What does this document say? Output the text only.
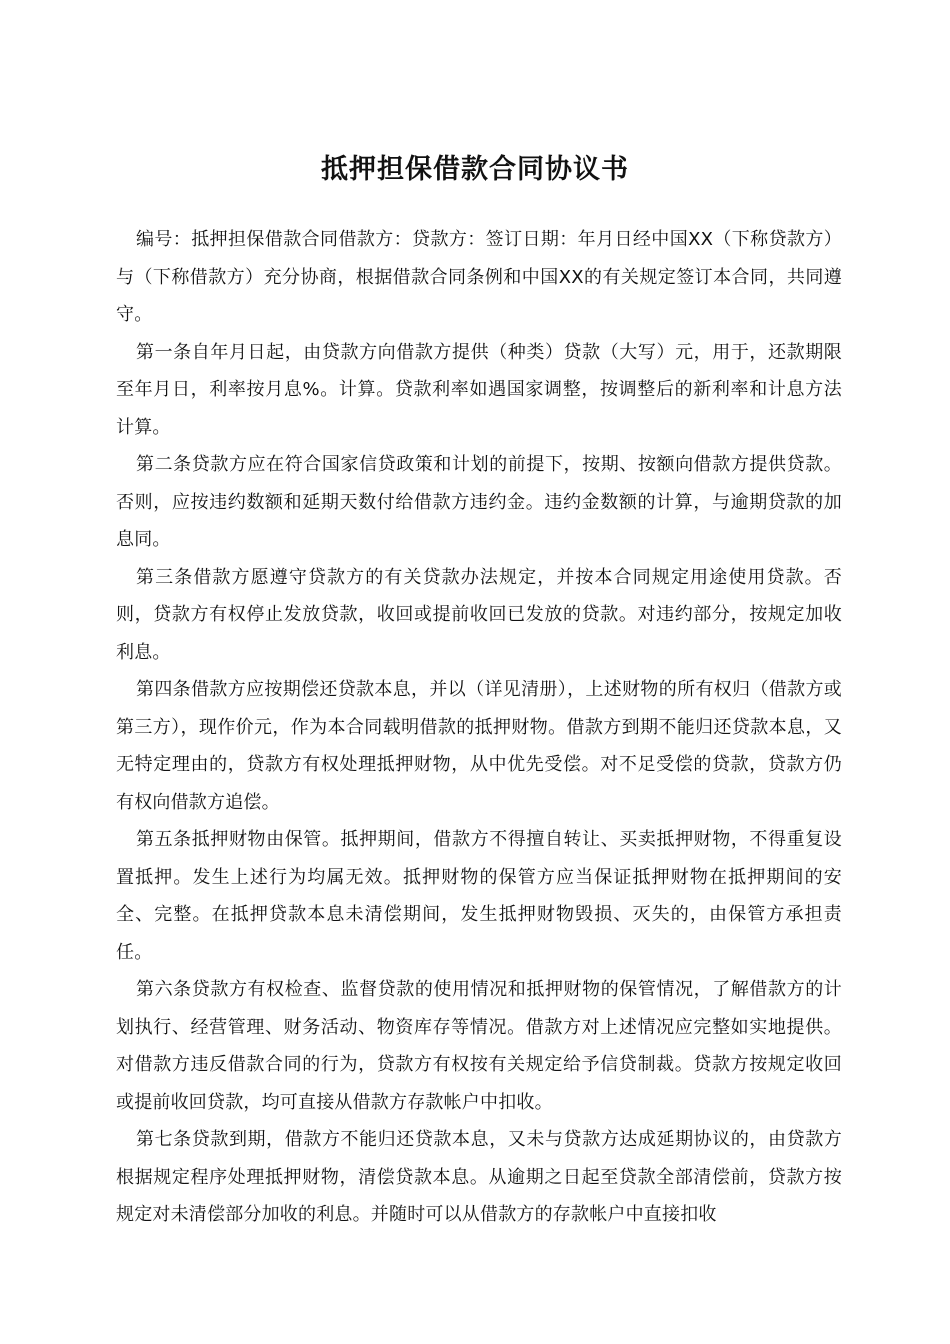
抵押担保借款合同协议书

编号：抵押担保借款合同借款方：贷款方：签订日期：年月日经中国XX（下称贷款方）与（下称借款方）充分协商，根据借款合同条例和中国XX的有关规定签订本合同，共同遵守。

第一条自年月日起，由贷款方向借款方提供（种类）贷款（大写）元，用于，还款期限至年月日，利率按月息%。计算。贷款利率如遇国家调整，按调整后的新利率和计息方法计算。

第二条贷款方应在符合国家信贷政策和计划的前提下，按期、按额向借款方提供贷款。否则，应按违约数额和延期天数付给借款方违约金。违约金数额的计算，与逾期贷款的加息同。

第三条借款方愿遵守贷款方的有关贷款办法规定，并按本合同规定用途使用贷款。否则，贷款方有权停止发放贷款，收回或提前收回已发放的贷款。对违约部分，按规定加收利息。

第四条借款方应按期偿还贷款本息，并以（详见清册），上述财物的所有权归（借款方或第三方），现作价元，作为本合同载明借款的抵押财物。借款方到期不能归还贷款本息，又无特定理由的，贷款方有权处理抵押财物，从中优先受偿。对不足受偿的贷款，贷款方仍有权向借款方追偿。

第五条抵押财物由保管。抵押期间，借款方不得擅自转让、买卖抵押财物，不得重复设置抵押。发生上述行为均属无效。抵押财物的保管方应当保证抵押财物在抵押期间的安全、完整。在抵押贷款本息未清偿期间，发生抵押财物毁损、灭失的，由保管方承担责任。

第六条贷款方有权检查、监督贷款的使用情况和抵押财物的保管情况，了解借款方的计划执行、经营管理、财务活动、物资库存等情况。借款方对上述情况应完整如实地提供。对借款方违反借款合同的行为，贷款方有权按有关规定给予信贷制裁。贷款方按规定收回或提前收回贷款，均可直接从借款方存款帐户中扣收。

第七条贷款到期，借款方不能归还贷款本息，又未与贷款方达成延期协议的，由贷款方根据规定程序处理抵押财物，清偿贷款本息。从逾期之日起至贷款全部清偿前，贷款方按规定对未清偿部分加收的利息。并随时可以从借款方的存款帐户中直接扣收
